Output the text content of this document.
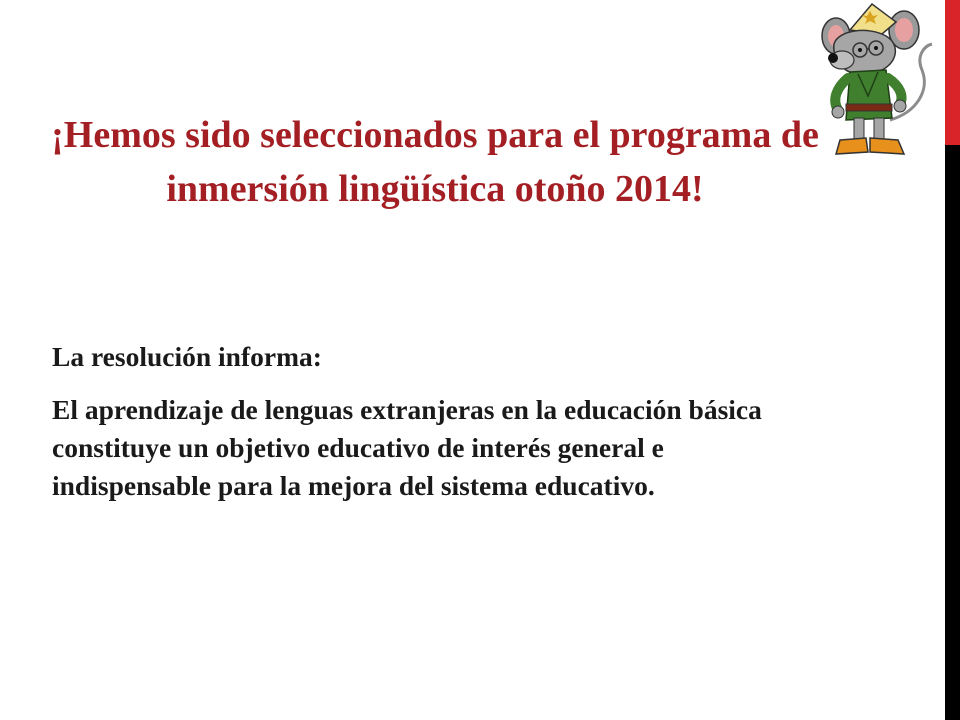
¡Hemos sido seleccionados para el programa de inmersión lingüística otoño 2014!

La resolución informa:

El aprendizaje de lenguas extranjeras en la educación básica constituye un objetivo educativo de interés general e indispensable para la mejora del sistema educativo.
